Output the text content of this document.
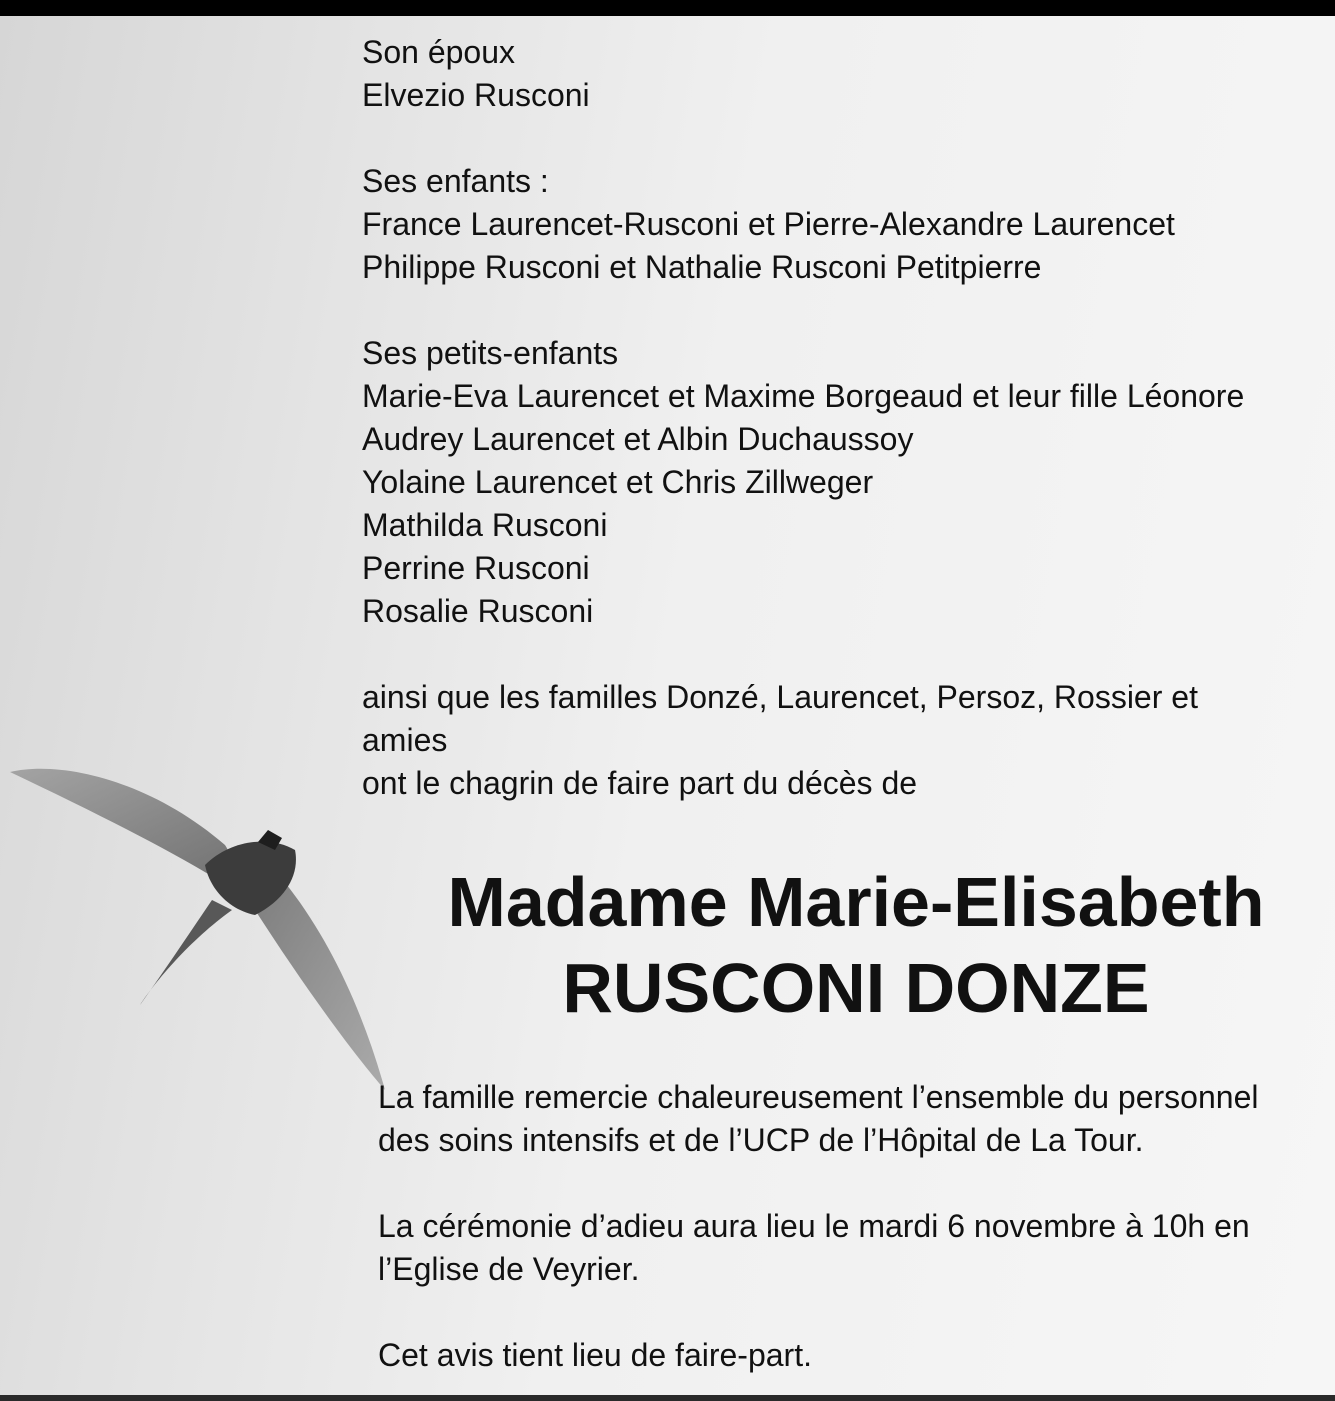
Son époux
Elvezio Rusconi
Ses enfants :
France Laurencet-Rusconi et Pierre-Alexandre Laurencet
Philippe Rusconi et Nathalie Rusconi Petitpierre
Ses petits-enfants
Marie-Eva Laurencet et Maxime Borgeaud et leur fille Léonore
Audrey Laurencet et Albin Duchaussoy
Yolaine Laurencet et Chris Zillweger
Mathilda Rusconi
Perrine Rusconi
Rosalie Rusconi
ainsi que les familles Donzé, Laurencet, Persoz, Rossier et
amies
ont le chagrin de faire part du décès de
Madame Marie-Elisabeth
RUSCONI DONZE
La famille remercie chaleureusement l’ensemble du personnel
des soins intensifs et de l’UCP de l’Hôpital de La Tour.
La cérémonie d’adieu aura lieu le mardi 6 novembre à 10h en
l’Eglise de Veyrier.
Cet avis tient lieu de faire-part.
